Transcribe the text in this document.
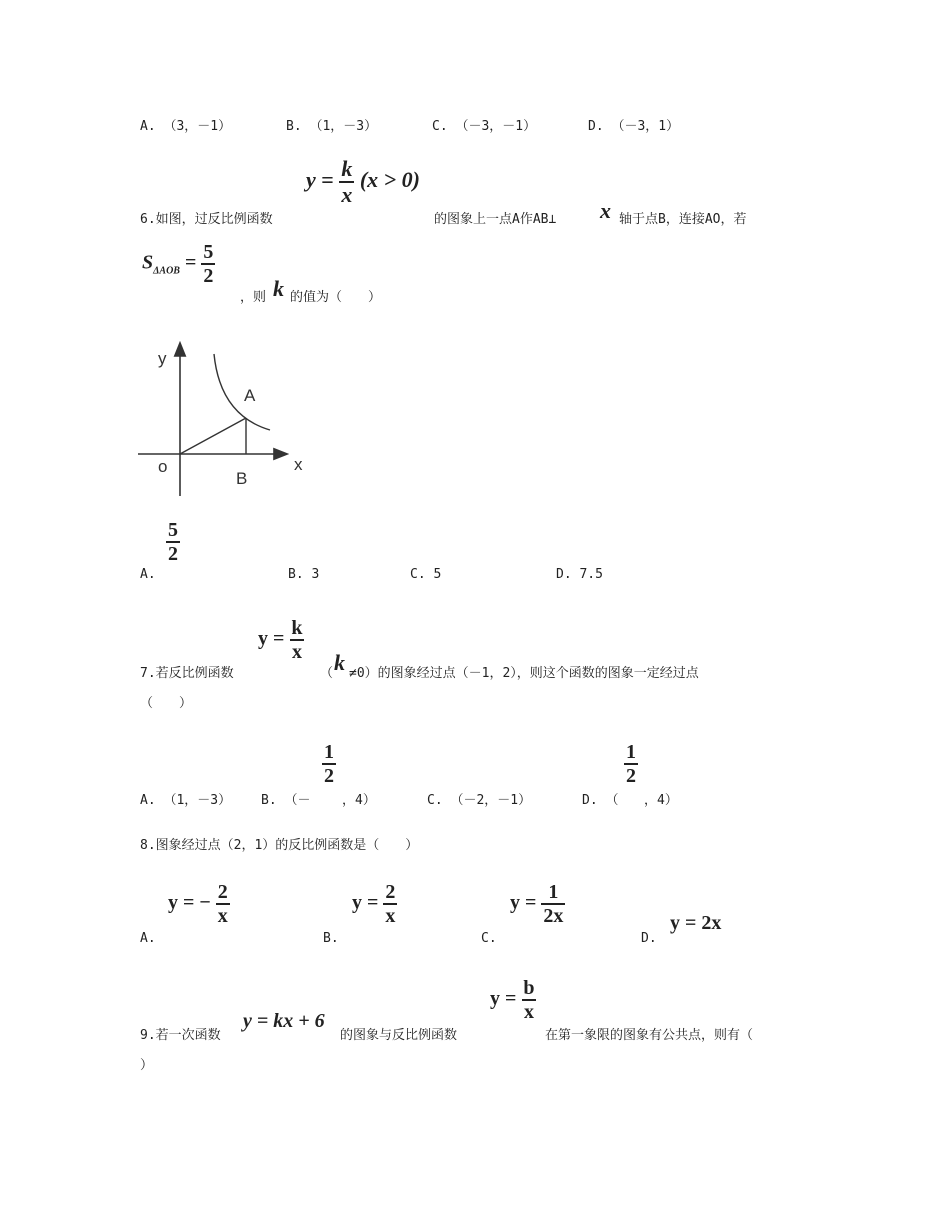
A. （3，－1）	B. （1，－3）	C. （－3，－1）	D. （－3，1）
6.如图，过反比例函数
$y = \frac{k}{x} (x > 0)$
的图象上一点A作AB⊥ x 轴于点B，连接AO，若
$S_{\Delta AOB} = \frac{5}{2}$
，则 k 的值为（　　）
y
x
o
A
B
A.
$\frac{5}{2}$
B. 3	C. 5	D. 7.5
7.若反比例函数
$y = \frac{k}{x}$
（ k ≠0）的图象经过点（－1，2），则这个函数的图象一定经过点
（　　）
A. （1，－3） B. （－
$\frac{1}{2}$
，4）	C. （－2，－1）	D. （
$\frac{1}{2}$
，4）
8.图象经过点（2，1）的反比例函数是（　　）
A.
y = − $\frac{2}{x}$
B.
$y = \frac{2}{x}$
C.
$y = \frac{1}{2x}$
D.
y = 2x
9.若一次函数
y = kx + 6
的图象与反比例函数
$y = \frac{b}{x}$
在第一象限的图象有公共点，则有（
）
